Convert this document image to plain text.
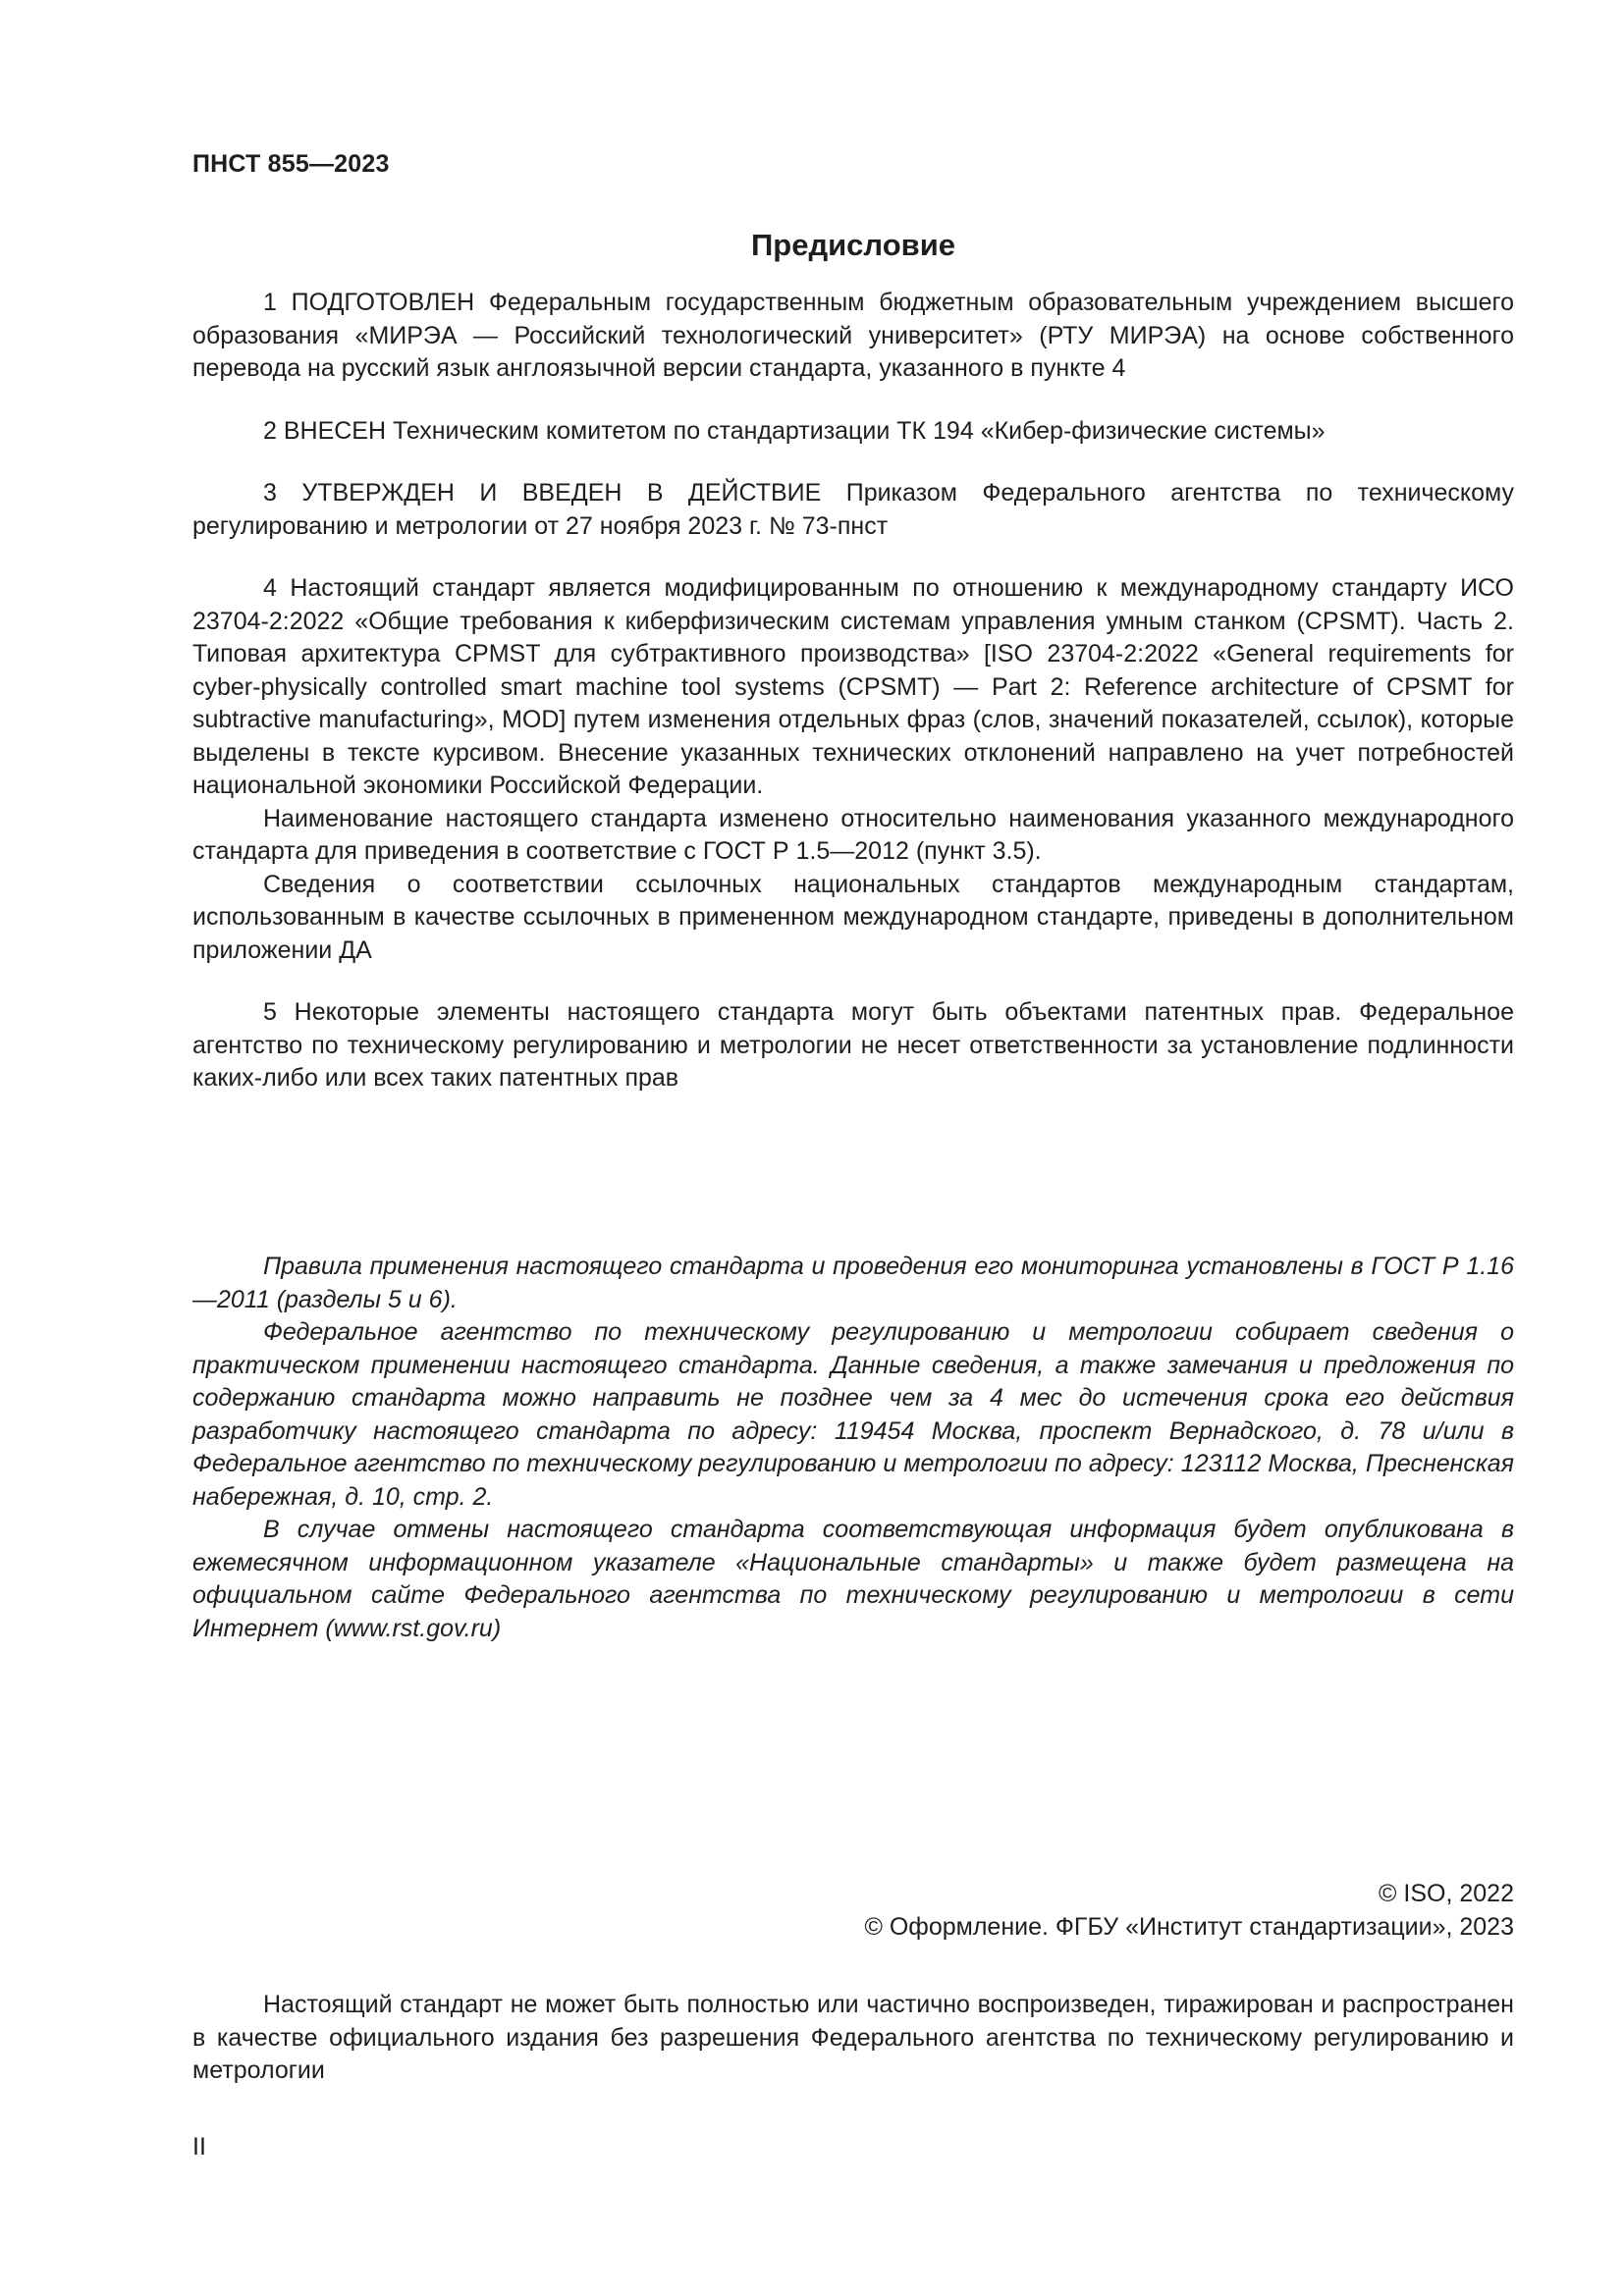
ПНСТ 855—2023
Предисловие

1 ПОДГОТОВЛЕН Федеральным государственным бюджетным образовательным учреждением высшего образования «МИРЭА — Российский технологический университет» (РТУ МИРЭА) на основе собственного перевода на русский язык англоязычной версии стандарта, указанного в пункте 4

2 ВНЕСЕН Техническим комитетом по стандартизации ТК 194 «Кибер-физические системы»

3 УТВЕРЖДЕН И ВВЕДЕН В ДЕЙСТВИЕ Приказом Федерального агентства по техническому регулированию и метрологии от 27 ноября 2023 г. № 73-пнст

4 Настоящий стандарт является модифицированным по отношению к международному стандарту ИСО 23704-2:2022 «Общие требования к киберфизическим системам управления умным станком (CPSMT). Часть 2. Типовая архитектура CPMST для субтрактивного производства» [ISO 23704-2:2022 «General requirements for cyber-physically controlled smart machine tool systems (CPSMT) — Part 2: Reference architecture of CPSMT for subtractive manufacturing», MOD] путем изменения отдельных фраз (слов, значений показателей, ссылок), которые выделены в тексте курсивом. Внесение указанных технических отклонений направлено на учет потребностей национальной экономики Российской Федерации.

Наименование настоящего стандарта изменено относительно наименования указанного международного стандарта для приведения в соответствие с ГОСТ Р 1.5—2012 (пункт 3.5).

Сведения о соответствии ссылочных национальных стандартов международным стандартам, использованным в качестве ссылочных в примененном международном стандарте, приведены в дополнительном приложении ДА

5 Некоторые элементы настоящего стандарта могут быть объектами патентных прав. Федеральное агентство по техническому регулированию и метрологии не несет ответственности за установление подлинности каких-либо или всех таких патентных прав

Правила применения настоящего стандарта и проведения его мониторинга установлены в ГОСТ Р 1.16—2011 (разделы 5 и 6).

Федеральное агентство по техническому регулированию и метрологии собирает сведения о практическом применении настоящего стандарта. Данные сведения, а также замечания и предложения по содержанию стандарта можно направить не позднее чем за 4 мес до истечения срока его действия разработчику настоящего стандарта по адресу: 119454 Москва, проспект Вернадского, д. 78 и/или в Федеральное агентство по техническому регулированию и метрологии по адресу: 123112 Москва, Пресненская набережная, д. 10, стр. 2.

В случае отмены настоящего стандарта соответствующая информация будет опубликована в ежемесячном информационном указателе «Национальные стандарты» и также будет размещена на официальном сайте Федерального агентства по техническому регулированию и метрологии в сети Интернет (www.rst.gov.ru)

© ISO, 2022
© Оформление. ФГБУ «Институт стандартизации», 2023

Настоящий стандарт не может быть полностью или частично воспроизведен, тиражирован и распространен в качестве официального издания без разрешения Федерального агентства по техническому регулированию и метрологии

II
